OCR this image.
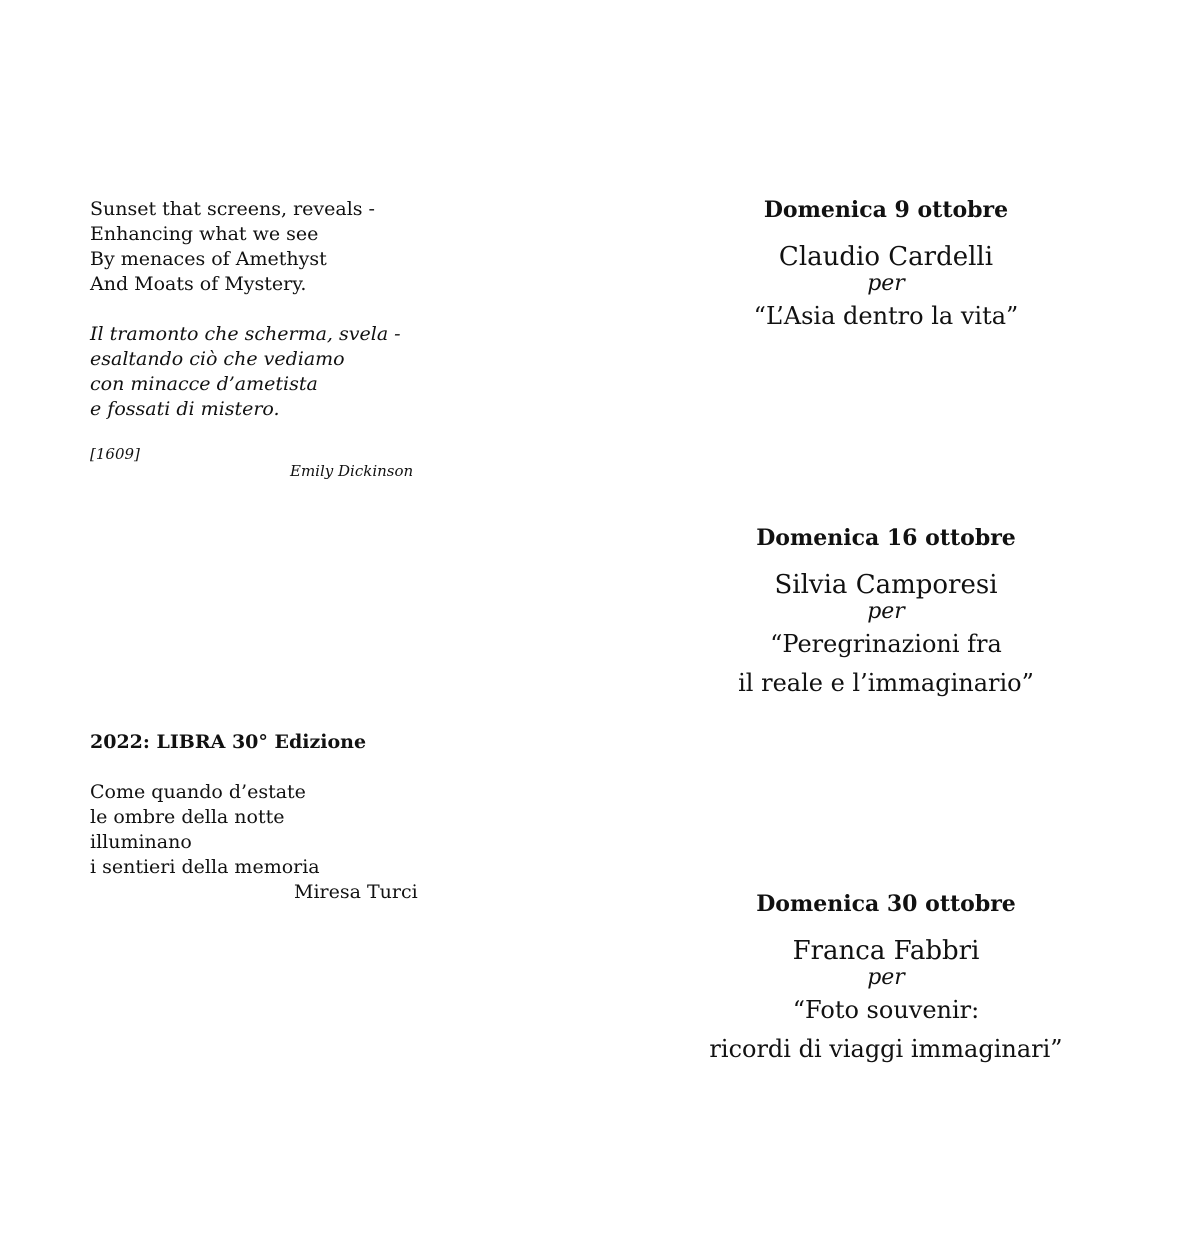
Sunset that screens, reveals -
Enhancing what we see
By menaces of Amethyst
And Moats of Mystery.
Il tramonto che scherma, svela -
esaltando ciò che vediamo
con minacce d’ametista
e fossati di mistero.
[1609]
Emily Dickinson
2022: LIBRA 30° Edizione
Come quando d’estate
le ombre della notte
illuminano
i sentieri della memoria
Miresa Turci
Domenica 9 ottobre
Claudio Cardelli
per
“L’Asia dentro la vita”
Domenica 16 ottobre
Silvia Camporesi
per
“Peregrinazioni fra
il reale e l’immaginario”
Domenica 30 ottobre
Franca Fabbri
per
“Foto souvenir:
ricordi di viaggi immaginari”
